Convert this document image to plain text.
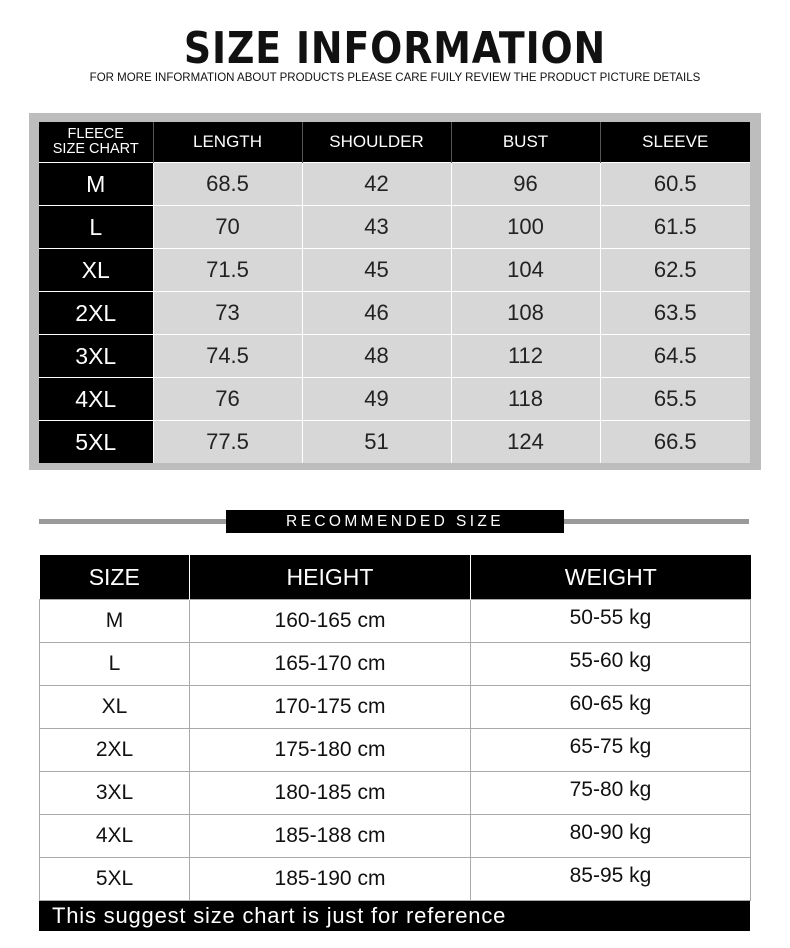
SIZE INFORMATION
FOR MORE INFORMATION ABOUT PRODUCTS PLEASE CARE FUILY REVIEW THE PRODUCT PICTURE DETAILS
FLEECE
SIZE CHART	LENGTH	SHOULDER	BUST	SLEEVE
M	68.5	42	96	60.5
L	70	43	100	61.5
XL	71.5	45	104	62.5
2XL	73	46	108	63.5
3XL	74.5	48	112	64.5
4XL	76	49	118	65.5
5XL	77.5	51	124	66.5
RECOMMENDED SIZE
SIZE	HEIGHT	WEIGHT
M	160-165 cm	50-55 kg
L	165-170 cm	55-60 kg
XL	170-175 cm	60-65 kg
2XL	175-180 cm	65-75 kg
3XL	180-185 cm	75-80 kg
4XL	185-188 cm	80-90 kg
5XL	185-190 cm	85-95 kg
This suggest size chart is just for reference
